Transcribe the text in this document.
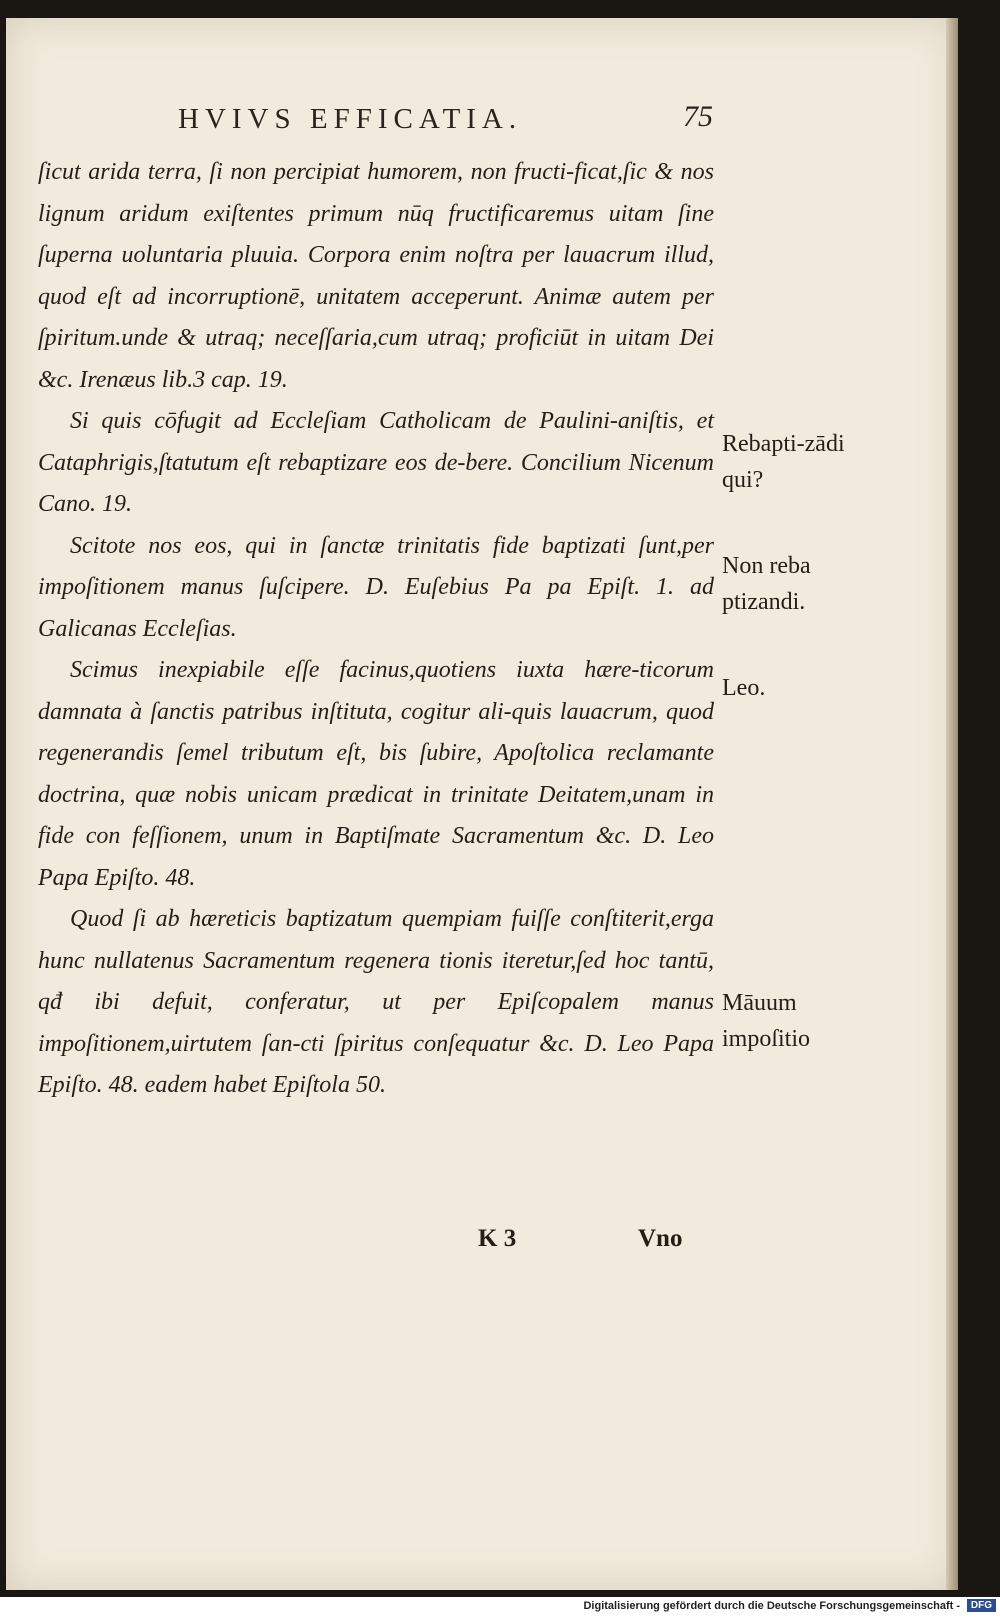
HVIVS EFFICATIA.	75

ſicut arida terra, ſi non percipiat humorem, non fructi-ficat,ſic & nos lignum aridum exiſtentes primum nūq fructificaremus uitam ſine ſuperna uoluntaria pluuia. Corpora enim noſtra per lauacrum illud, quod eſt ad incorruptionē, unitatem acceperunt. Animæ autem per ſpiritum.unde & utraq; neceſſaria,cum utraq; proficiūt in uitam Dei &c. Irenæus lib.3 cap. 19.

Si quis cōfugit ad Eccleſiam Catholicam de Paulini-aniſtis, et Cataphrigis,ſtatutum eſt rebaptizare eos de-bere. Concilium Nicenum Cano. 19.

Scitote nos eos, qui in ſanctæ trinitatis fide baptizati ſunt,per impoſitionem manus ſuſcipere. D. Euſebius Pa pa Epiſt. 1. ad Galicanas Eccleſias.

Scimus inexpiabile eſſe facinus,quotiens iuxta hære-ticorum damnata à ſanctis patribus inſtituta, cogitur ali-quis lauacrum, quod regenerandis ſemel tributum eſt, bis ſubire, Apoſtolica reclamante doctrina, quæ nobis unicam prædicat in trinitate Deitatem,unam in fide con feſſionem, unum in Baptiſmate Sacramentum &c. D. Leo Papa Epiſto. 48.

Quod ſi ab hæreticis baptizatum quempiam fuiſſe conſtiterit,erga hunc nullatenus Sacramentum regenera tionis iteretur,ſed hoc tantū, qđ ibi defuit, conferatur, ut per Epiſcopalem manus impoſitionem,uirtutem ſan-cti ſpiritus conſequatur &c. D. Leo Papa Epiſto. 48. eadem habet Epiſtola 50.

Rebapti-zādi qui?
Non reba ptizandi.
Leo.
Māuum impoſitio
K 3	Vno
Digitalisierung gefördert durch die Deutsche Forschungsgemeinschaft -	DFG
